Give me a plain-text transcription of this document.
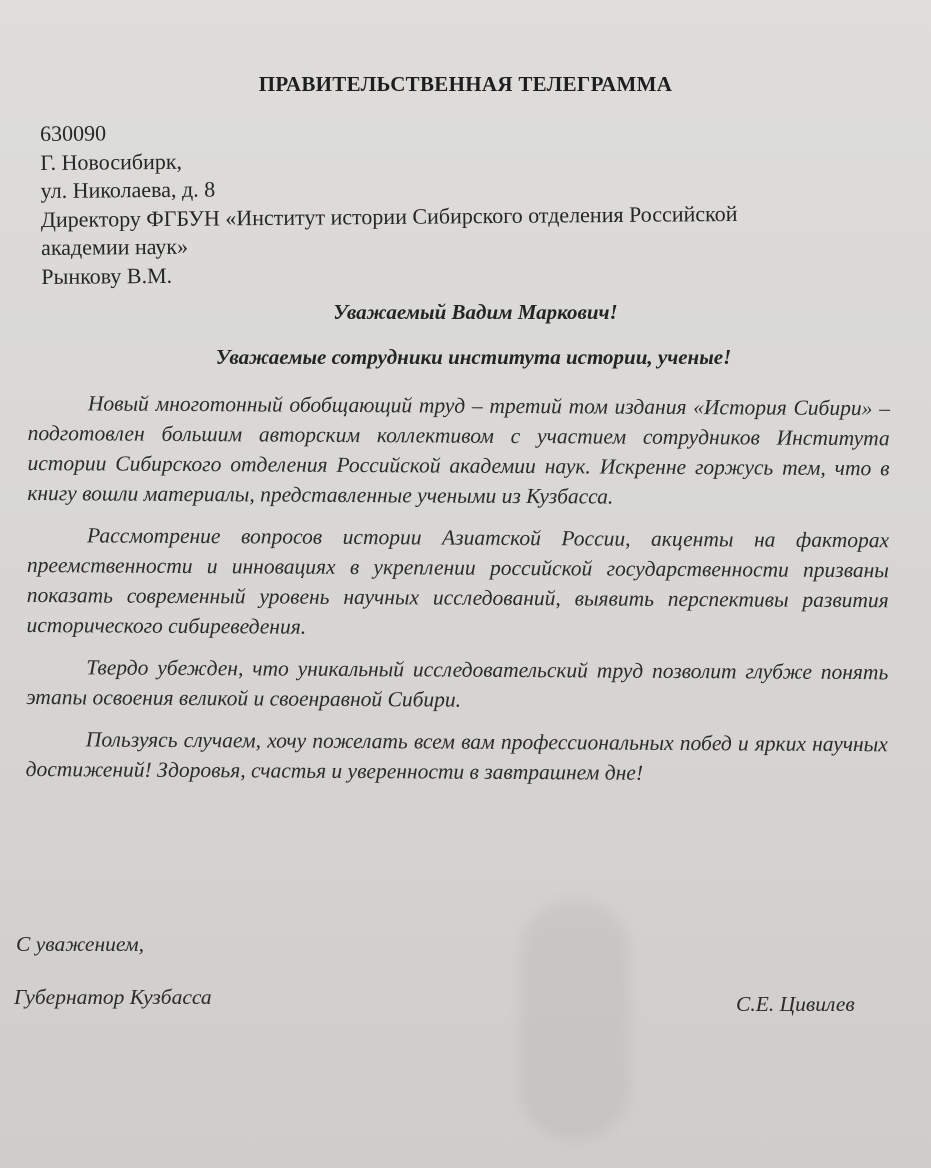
ПРАВИТЕЛЬСТВЕННАЯ ТЕЛЕГРАММА
630090
Г. Новосибирк,
ул. Николаева, д. 8
Директору ФГБУН «Институт истории Сибирского отделения Российской
академии наук»
Рынкову В.М.
Уважаемый Вадим Маркович!
Уважаемые сотрудники института истории, ученые!

Новый многотонный обобщающий труд – третий том издания «История Сибири» – подготовлен большим авторским коллективом с участием сотрудников Института истории Сибирского отделения Российской академии наук. Искренне горжусь тем, что в книгу вошли материалы, представленные учеными из Кузбасса.

Рассмотрение вопросов истории Азиатской России, акценты на факторах преемственности и инновациях в укреплении российской государственности призваны показать современный уровень научных исследований, выявить перспективы развития исторического сибиреведения.

Твердо убежден, что уникальный исследовательский труд позволит глубже понять этапы освоения великой и своенравной Сибири.

Пользуясь случаем, хочу пожелать всем вам профессиональных побед и ярких научных достижений! Здоровья, счастья и уверенности в завтрашнем дне!

С уважением,
Губернатор Кузбасса	С.Е. Цивилев
